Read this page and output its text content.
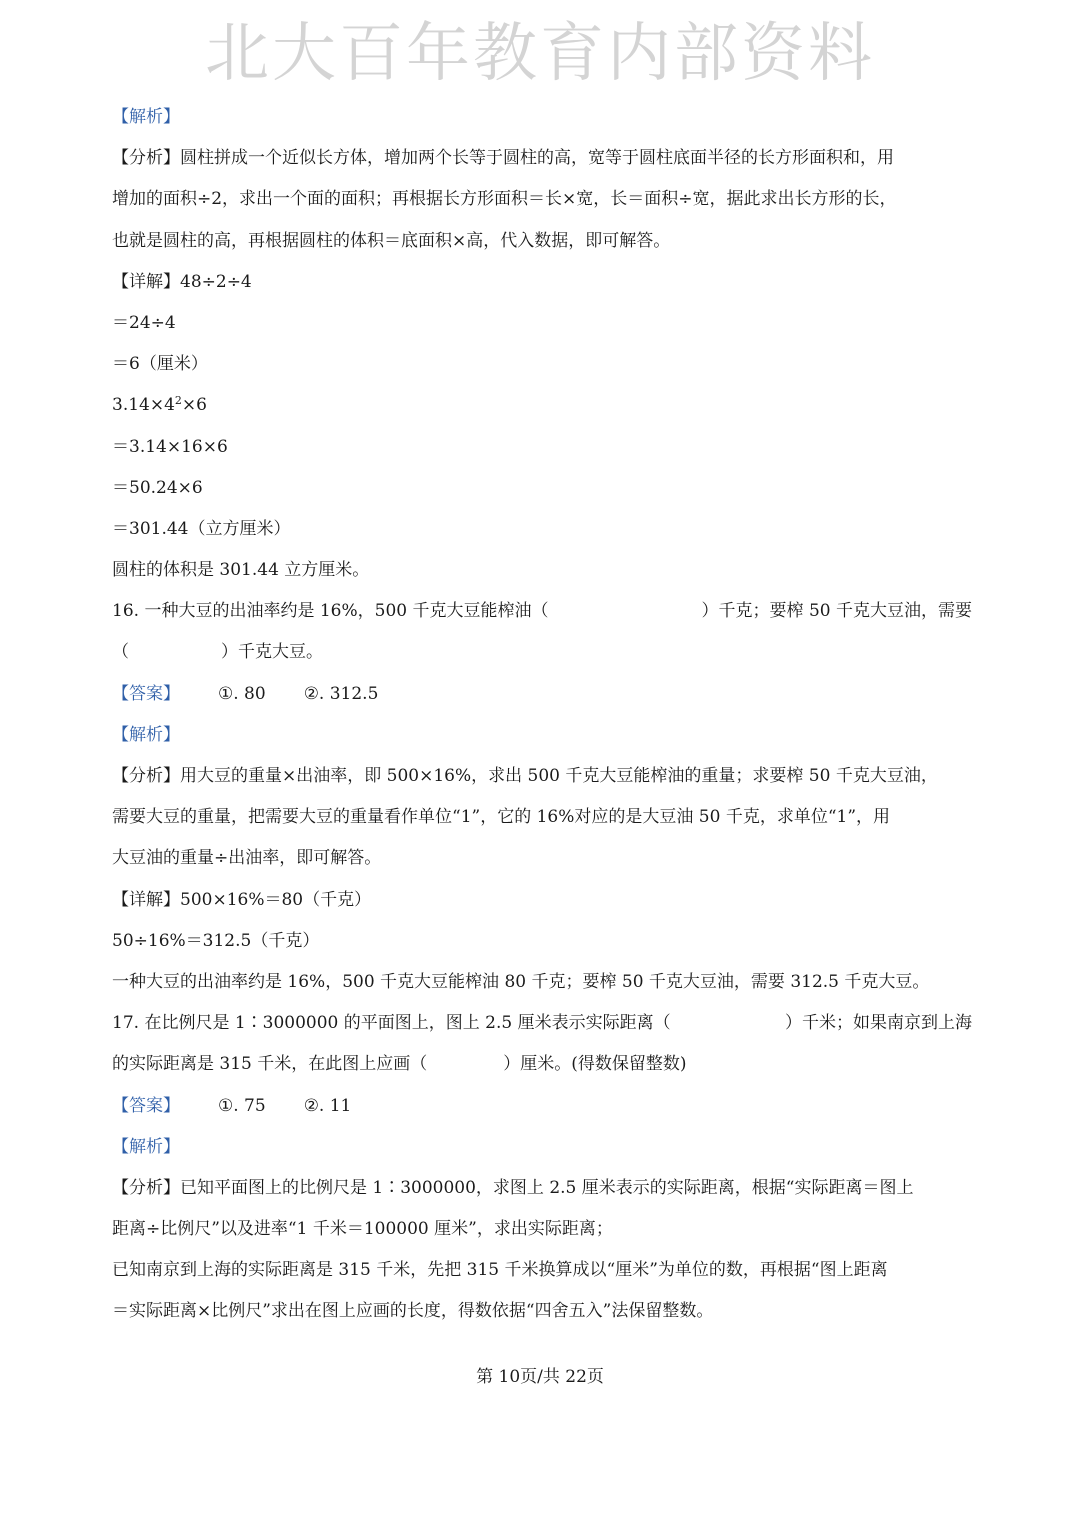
北大百年教育内部资料
【解析】
【分析】圆柱拼成一个近似长方体，增加两个长等于圆柱的高，宽等于圆柱底面半径的长方形面积和，用
增加的面积÷2，求出一个面的面积；再根据长方形面积＝长×宽，长＝面积÷宽，据此求出长方形的长，
也就是圆柱的高，再根据圆柱的体积＝底面积×高，代入数据，即可解答。
【详解】48÷2÷4
＝24÷4
＝6（厘米）
$3.14\times 4^2\times 6$
＝3.14×16×6
＝50.24×6
＝301.44（立方厘米）
圆柱的体积是 301.44 立方厘米。
16. 一种大豆的出油率约是 16%，500 千克大豆能榨油（	）千克；要榨 50 千克大豆油，需要
（	）千克大豆。
【答案】 ①. 80 ②. 312.5
【解析】
【分析】用大豆的重量×出油率，即 500×16%，求出 500 千克大豆能榨油的重量；求要榨 50 千克大豆油，
需要大豆的重量，把需要大豆的重量看作单位“1”，它的 16%对应的是大豆油 50 千克，求单位“1”，用
大豆油的重量÷出油率，即可解答。
【详解】500×16%＝80（千克）
50÷16%＝312.5（千克）
一种大豆的出油率约是 16%，500 千克大豆能榨油 80 千克；要榨 50 千克大豆油，需要 312.5 千克大豆。
17. 在比例尺是 1∶3000000 的平面图上，图上 2.5 厘米表示实际距离（	）千米；如果南京到上海
的实际距离是 315 千米，在此图上应画（	）厘米。(得数保留整数)
【答案】 ①. 75 ②. 11
【解析】
【分析】已知平面图上的比例尺是 1∶3000000，求图上 2.5 厘米表示的实际距离，根据“实际距离＝图上
距离÷比例尺”以及进率“1 千米＝100000 厘米”，求出实际距离；
已知南京到上海的实际距离是 315 千米，先把 315 千米换算成以“厘米”为单位的数，再根据“图上距离
＝实际距离×比例尺”求出在图上应画的长度，得数依据“四舍五入”法保留整数。
第 10页/共 22页
